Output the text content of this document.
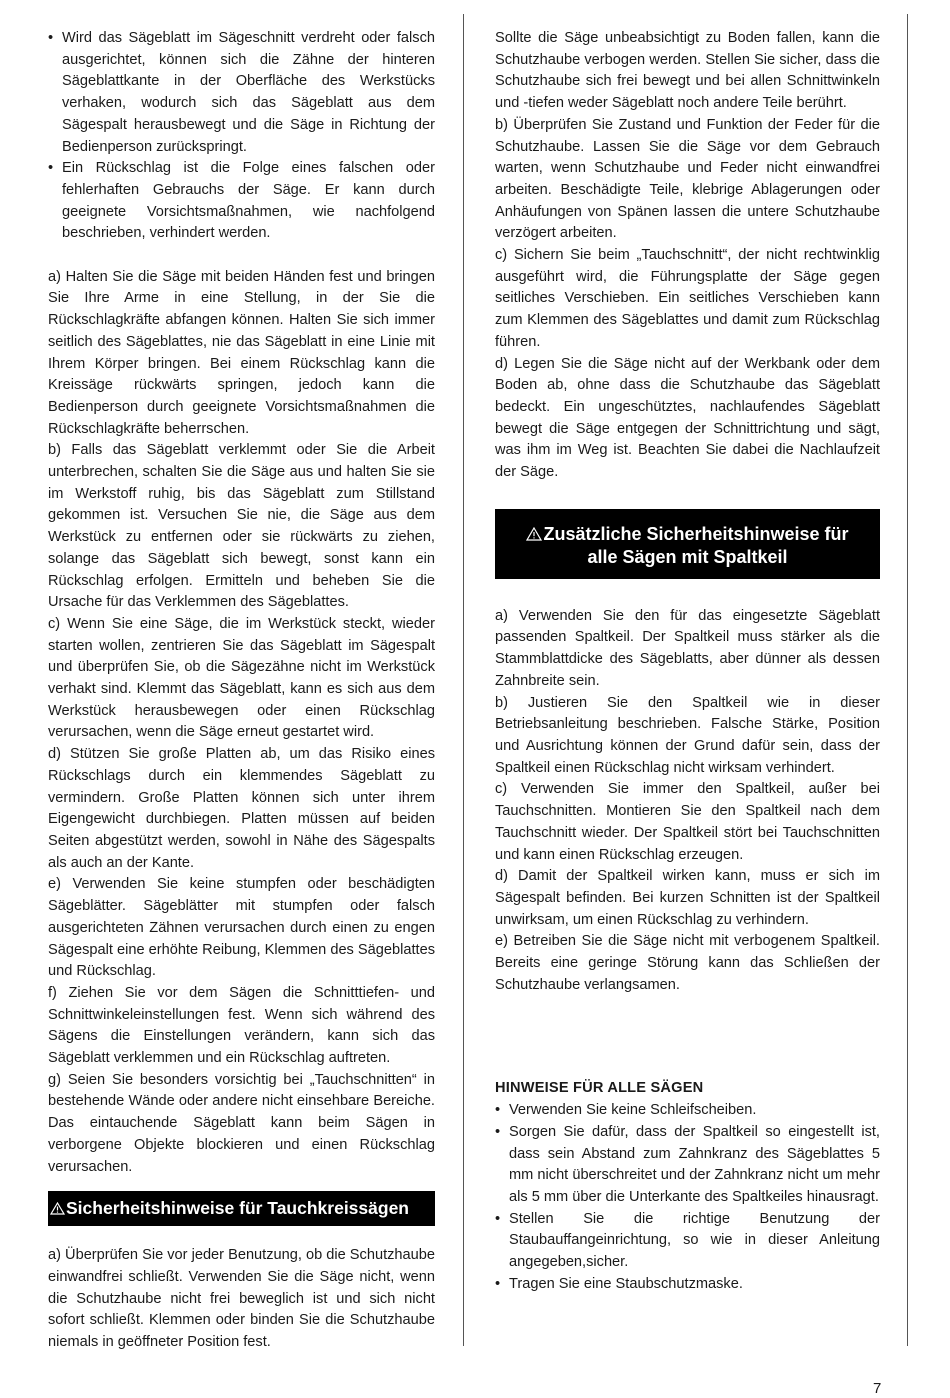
• Wird das Sägeblatt im Sägeschnitt verdreht oder falsch ausgerichtet, können sich die Zähne der hinteren Sägeblattkante in der Oberfläche des Werkstücks verhaken, wodurch sich das Sägeblatt aus dem Sägespalt herausbewegt und die Säge in Richtung der Bedienperson zurückspringt.
• Ein Rückschlag ist die Folge eines falschen oder fehlerhaften Gebrauchs der Säge. Er kann durch geeignete Vorsichtsmaßnahmen, wie nachfolgend beschrieben, verhindert werden.

a) Halten Sie die Säge mit beiden Händen fest und bringen Sie Ihre Arme in eine Stellung, in der Sie die Rückschlagkräfte abfangen können. Halten Sie sich immer seitlich des Sägeblattes, nie das Sägeblatt in eine Linie mit Ihrem Körper bringen. Bei einem Rückschlag kann die Kreissäge rückwärts springen, jedoch kann die Bedienperson durch geeignete Vorsichtsmaßnahmen die Rückschlagkräfte beherrschen.

b) Falls das Sägeblatt verklemmt oder Sie die Arbeit unterbrechen, schalten Sie die Säge aus und halten Sie sie im Werkstoff ruhig, bis das Sägeblatt zum Stillstand gekommen ist. Versuchen Sie nie, die Säge aus dem Werkstück zu entfernen oder sie rückwärts zu ziehen, solange das Sägeblatt sich bewegt, sonst kann ein Rückschlag erfolgen. Ermitteln und beheben Sie die Ursache für das Verklemmen des Sägeblattes.

c) Wenn Sie eine Säge, die im Werkstück steckt, wieder starten wollen, zentrieren Sie das Sägeblatt im Sägespalt und überprüfen Sie, ob die Sägezähne nicht im Werkstück verhakt sind. Klemmt das Sägeblatt, kann es sich aus dem Werkstück herausbewegen oder einen Rückschlag verursachen, wenn die Säge erneut gestartet wird.

d) Stützen Sie große Platten ab, um das Risiko eines Rückschlags durch ein klemmendes Sägeblatt zu vermindern. Große Platten können sich unter ihrem Eigengewicht durchbiegen. Platten müssen auf beiden Seiten abgestützt werden, sowohl in Nähe des Sägespalts als auch an der Kante.

e) Verwenden Sie keine stumpfen oder beschädigten Sägeblätter. Sägeblätter mit stumpfen oder falsch ausgerichteten Zähnen verursachen durch einen zu engen Sägespalt eine erhöhte Reibung, Klemmen des Sägeblattes und Rückschlag.

f) Ziehen Sie vor dem Sägen die Schnitttiefen- und Schnittwinkeleinstellungen fest. Wenn sich während des Sägens die Einstellungen verändern, kann sich das Sägeblatt verklemmen und ein Rückschlag auftreten.

g) Seien Sie besonders vorsichtig bei „Tauchschnitten“ in bestehende Wände oder andere nicht einsehbare Bereiche. Das eintauchende Sägeblatt kann beim Sägen in verborgene Objekte blockieren und einen Rückschlag verursachen.

Sicherheitshinweise für Tauchkreissägen

a) Überprüfen Sie vor jeder Benutzung, ob die Schutzhaube einwandfrei schließt. Verwenden Sie die Säge nicht, wenn die Schutzhaube nicht frei beweglich ist und sich nicht sofort schließt. Klemmen oder binden Sie die Schutzhaube niemals in geöffneter Position fest.

Sollte die Säge unbeabsichtigt zu Boden fallen, kann die Schutzhaube verbogen werden. Stellen Sie sicher, dass die Schutzhaube sich frei bewegt und bei allen Schnittwinkeln und -tiefen weder Sägeblatt noch andere Teile berührt.

b) Überprüfen Sie Zustand und Funktion der Feder für die Schutzhaube. Lassen Sie die Säge vor dem Gebrauch warten, wenn Schutzhaube und Feder nicht einwandfrei arbeiten. Beschädigte Teile, klebrige Ablagerungen oder Anhäufungen von Spänen lassen die untere Schutzhaube verzögert arbeiten.

c) Sichern Sie beim „Tauchschnitt“, der nicht rechtwinklig ausgeführt wird, die Führungsplatte der Säge gegen seitliches Verschieben. Ein seitliches Verschieben kann zum Klemmen des Sägeblattes und damit zum Rückschlag führen.

d) Legen Sie die Säge nicht auf der Werkbank oder dem Boden ab, ohne dass die Schutzhaube das Sägeblatt bedeckt. Ein ungeschütztes, nachlaufendes Sägeblatt bewegt die Säge entgegen der Schnittrichtung und sägt, was ihm im Weg ist. Beachten Sie dabei die Nachlaufzeit der Säge.

Zusätzliche Sicherheitshinweise für
alle Sägen mit Spaltkeil

a) Verwenden Sie den für das eingesetzte Sägeblatt passenden Spaltkeil. Der Spaltkeil muss stärker als die Stammblattdicke des Sägeblatts, aber dünner als dessen Zahnbreite sein.

b) Justieren Sie den Spaltkeil wie in dieser Betriebsanleitung beschrieben. Falsche Stärke, Position und Ausrichtung können der Grund dafür sein, dass der Spaltkeil einen Rückschlag nicht wirksam verhindert.

c) Verwenden Sie immer den Spaltkeil, außer bei Tauchschnitten. Montieren Sie den Spaltkeil nach dem Tauchschnitt wieder. Der Spaltkeil stört bei Tauchschnitten und kann einen Rückschlag erzeugen.

d) Damit der Spaltkeil wirken kann, muss er sich im Sägespalt befinden. Bei kurzen Schnitten ist der Spaltkeil unwirksam, um einen Rückschlag zu verhindern.

e) Betreiben Sie die Säge nicht mit verbogenem Spaltkeil. Bereits eine geringe Störung kann das Schließen der Schutzhaube verlangsamen.

HINWEISE FÜR ALLE SÄGEN
• Verwenden Sie keine Schleifscheiben.
• Sorgen Sie dafür, dass der Spaltkeil so eingestellt ist, dass sein Abstand zum Zahnkranz des Sägeblattes 5 mm nicht überschreitet und der Zahnkranz nicht um mehr als 5 mm über die Unterkante des Spaltkeiles hinausragt.
• Stellen Sie die richtige Benutzung der Staubauffangeinrichtung, so wie in dieser Anleitung angegeben,sicher.
• Tragen Sie eine Staubschutzmaske.
7
